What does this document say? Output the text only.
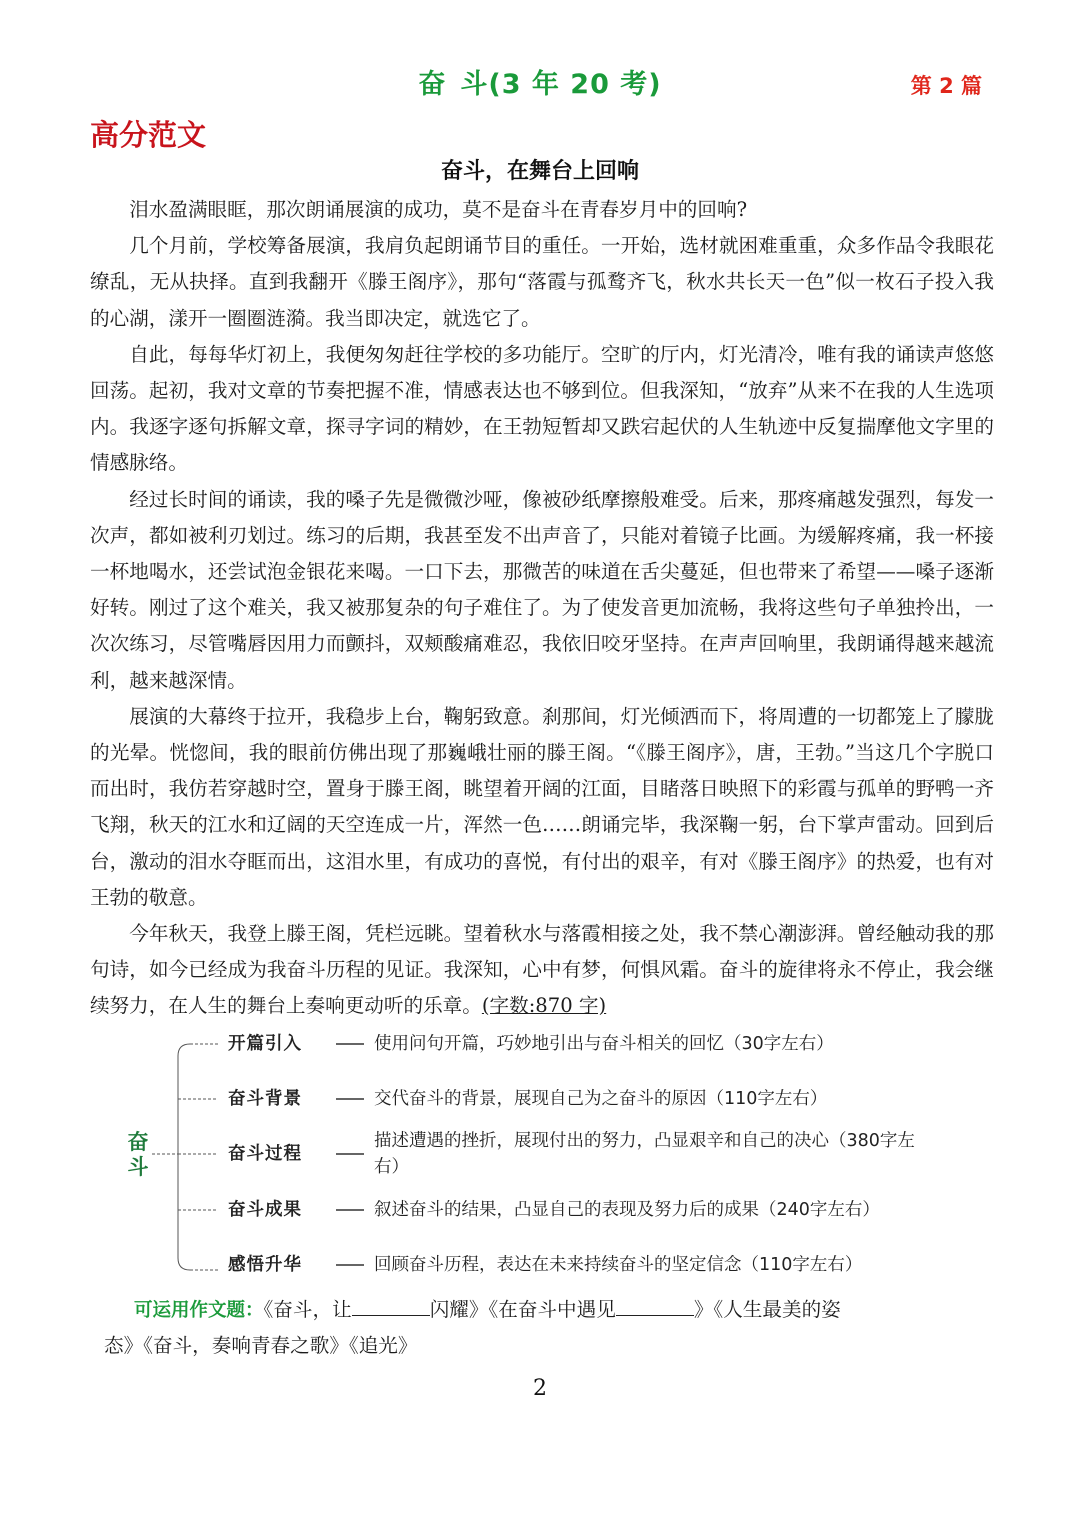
奋 斗(3 年 20 考)	第 2 篇
高分范文
奋斗，在舞台上回响

泪水盈满眼眶，那次朗诵展演的成功，莫不是奋斗在青春岁月中的回响?

几个月前，学校筹备展演，我肩负起朗诵节目的重任。一开始，选材就困难重重，众多作品令我眼花缭乱，无从抉择。直到我翻开《滕王阁序》，那句“落霞与孤鹜齐飞，秋水共长天一色”似一枚石子投入我的心湖，漾开一圈圈涟漪。我当即决定，就选它了。

自此，每每华灯初上，我便匆匆赶往学校的多功能厅。空旷的厅内，灯光清冷，唯有我的诵读声悠悠回荡。起初，我对文章的节奏把握不准，情感表达也不够到位。但我深知，“放弃”从来不在我的人生选项内。我逐字逐句拆解文章，探寻字词的精妙，在王勃短暂却又跌宕起伏的人生轨迹中反复揣摩他文字里的情感脉络。

经过长时间的诵读，我的嗓子先是微微沙哑，像被砂纸摩擦般难受。后来，那疼痛越发强烈，每发一次声，都如被利刃划过。练习的后期，我甚至发不出声音了，只能对着镜子比画。为缓解疼痛，我一杯接一杯地喝水，还尝试泡金银花来喝。一口下去，那微苦的味道在舌尖蔓延，但也带来了希望——嗓子逐渐好转。刚过了这个难关，我又被那复杂的句子难住了。为了使发音更加流畅，我将这些句子单独拎出，一次次练习，尽管嘴唇因用力而颤抖，双颊酸痛难忍，我依旧咬牙坚持。在声声回响里，我朗诵得越来越流利，越来越深情。

展演的大幕终于拉开，我稳步上台，鞠躬致意。刹那间，灯光倾洒而下，将周遭的一切都笼上了朦胧的光晕。恍惚间，我的眼前仿佛出现了那巍峨壮丽的滕王阁。“《滕王阁序》，唐，王勃。”当这几个字脱口而出时，我仿若穿越时空，置身于滕王阁，眺望着开阔的江面，目睹落日映照下的彩霞与孤单的野鸭一齐飞翔，秋天的江水和辽阔的天空连成一片，浑然一色……朗诵完毕，我深鞠一躬，台下掌声雷动。回到后台，激动的泪水夺眶而出，这泪水里，有成功的喜悦，有付出的艰辛，有对《滕王阁序》的热爱，也有对王勃的敬意。

今年秋天，我登上滕王阁，凭栏远眺。望着秋水与落霞相接之处，我不禁心潮澎湃。曾经触动我的那句诗，如今已经成为我奋斗历程的见证。我深知，心中有梦，何惧风霜。奋斗的旋律将永不停止，我会继续努力，在人生的舞台上奏响更动听的乐章。(字数:870 字)

奋斗
开篇引入	使用问句开篇，巧妙地引出与奋斗相关的回忆（30字左右）
奋斗背景	交代奋斗的背景，展现自己为之奋斗的原因（110字左右）
奋斗过程
描述遭遇的挫折，展现付出的努力，凸显艰辛和自己的决心（380字左右）
奋斗成果	叙述奋斗的结果，凸显自己的表现及努力后的成果（240字左右）
感悟升华	回顾奋斗历程，表达在未来持续奋斗的坚定信念（110字左右）
可运用作文题：《奋斗，让	闪耀》《在奋斗中遇见	》《人生最美的姿
态》《奋斗，奏响青春之歌》《追光》
2
